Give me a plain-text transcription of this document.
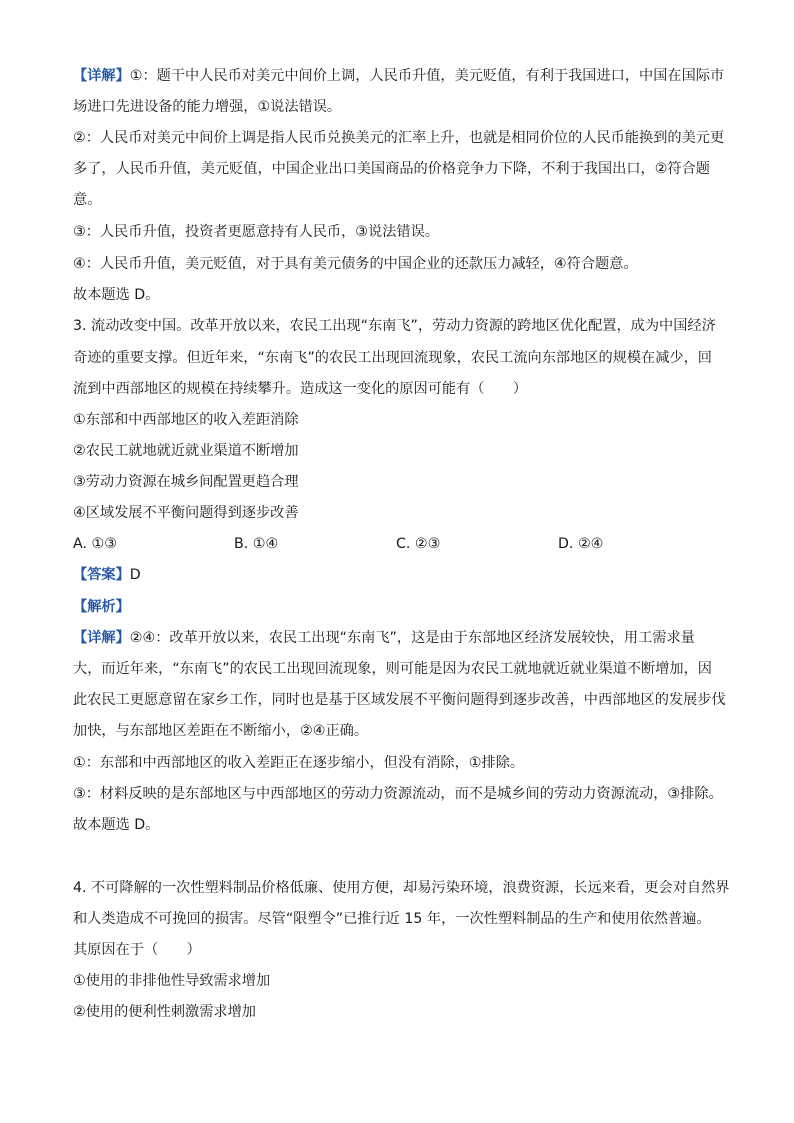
【详解】①：题干中人民币对美元中间价上调，人民币升值，美元贬值，有利于我国进口，中国在国际市
场进口先进设备的能力增强，①说法错误。
②：人民币对美元中间价上调是指人民币兑换美元的汇率上升，也就是相同价位的人民币能换到的美元更
多了，人民币升值，美元贬值，中国企业出口美国商品的价格竞争力下降，不利于我国出口，②符合题
意。
③：人民币升值，投资者更愿意持有人民币，③说法错误。
④：人民币升值，美元贬值，对于具有美元债务的中国企业的还款压力减轻，④符合题意。
故本题选 D。
3. 流动改变中国。改革开放以来，农民工出现“东南飞”，劳动力资源的跨地区优化配置，成为中国经济
奇迹的重要支撑。但近年来，“东南飞”的农民工出现回流现象，农民工流向东部地区的规模在减少，回
流到中西部地区的规模在持续攀升。造成这一变化的原因可能有（　　）
①东部和中西部地区的收入差距消除
②农民工就地就近就业渠道不断增加
③劳动力资源在城乡间配置更趋合理
④区域发展不平衡问题得到逐步改善
A. ①③	B. ①④	C. ②③	D. ②④
【答案】D
【解析】
【详解】②④：改革开放以来，农民工出现“东南飞”，这是由于东部地区经济发展较快，用工需求量
大，而近年来，“东南飞”的农民工出现回流现象，则可能是因为农民工就地就近就业渠道不断增加，因
此农民工更愿意留在家乡工作，同时也是基于区域发展不平衡问题得到逐步改善，中西部地区的发展步伐
加快，与东部地区差距在不断缩小，②④正确。
①：东部和中西部地区的收入差距正在逐步缩小，但没有消除，①排除。
③：材料反映的是东部地区与中西部地区的劳动力资源流动，而不是城乡间的劳动力资源流动，③排除。
故本题选 D。
4. 不可降解的一次性塑料制品价格低廉、使用方便，却易污染环境，浪费资源，长远来看，更会对自然界
和人类造成不可挽回的损害。尽管“限塑令”已推行近 15 年，一次性塑料制品的生产和使用依然普遍。
其原因在于（　　）
①使用的非排他性导致需求增加
②使用的便利性刺激需求增加
